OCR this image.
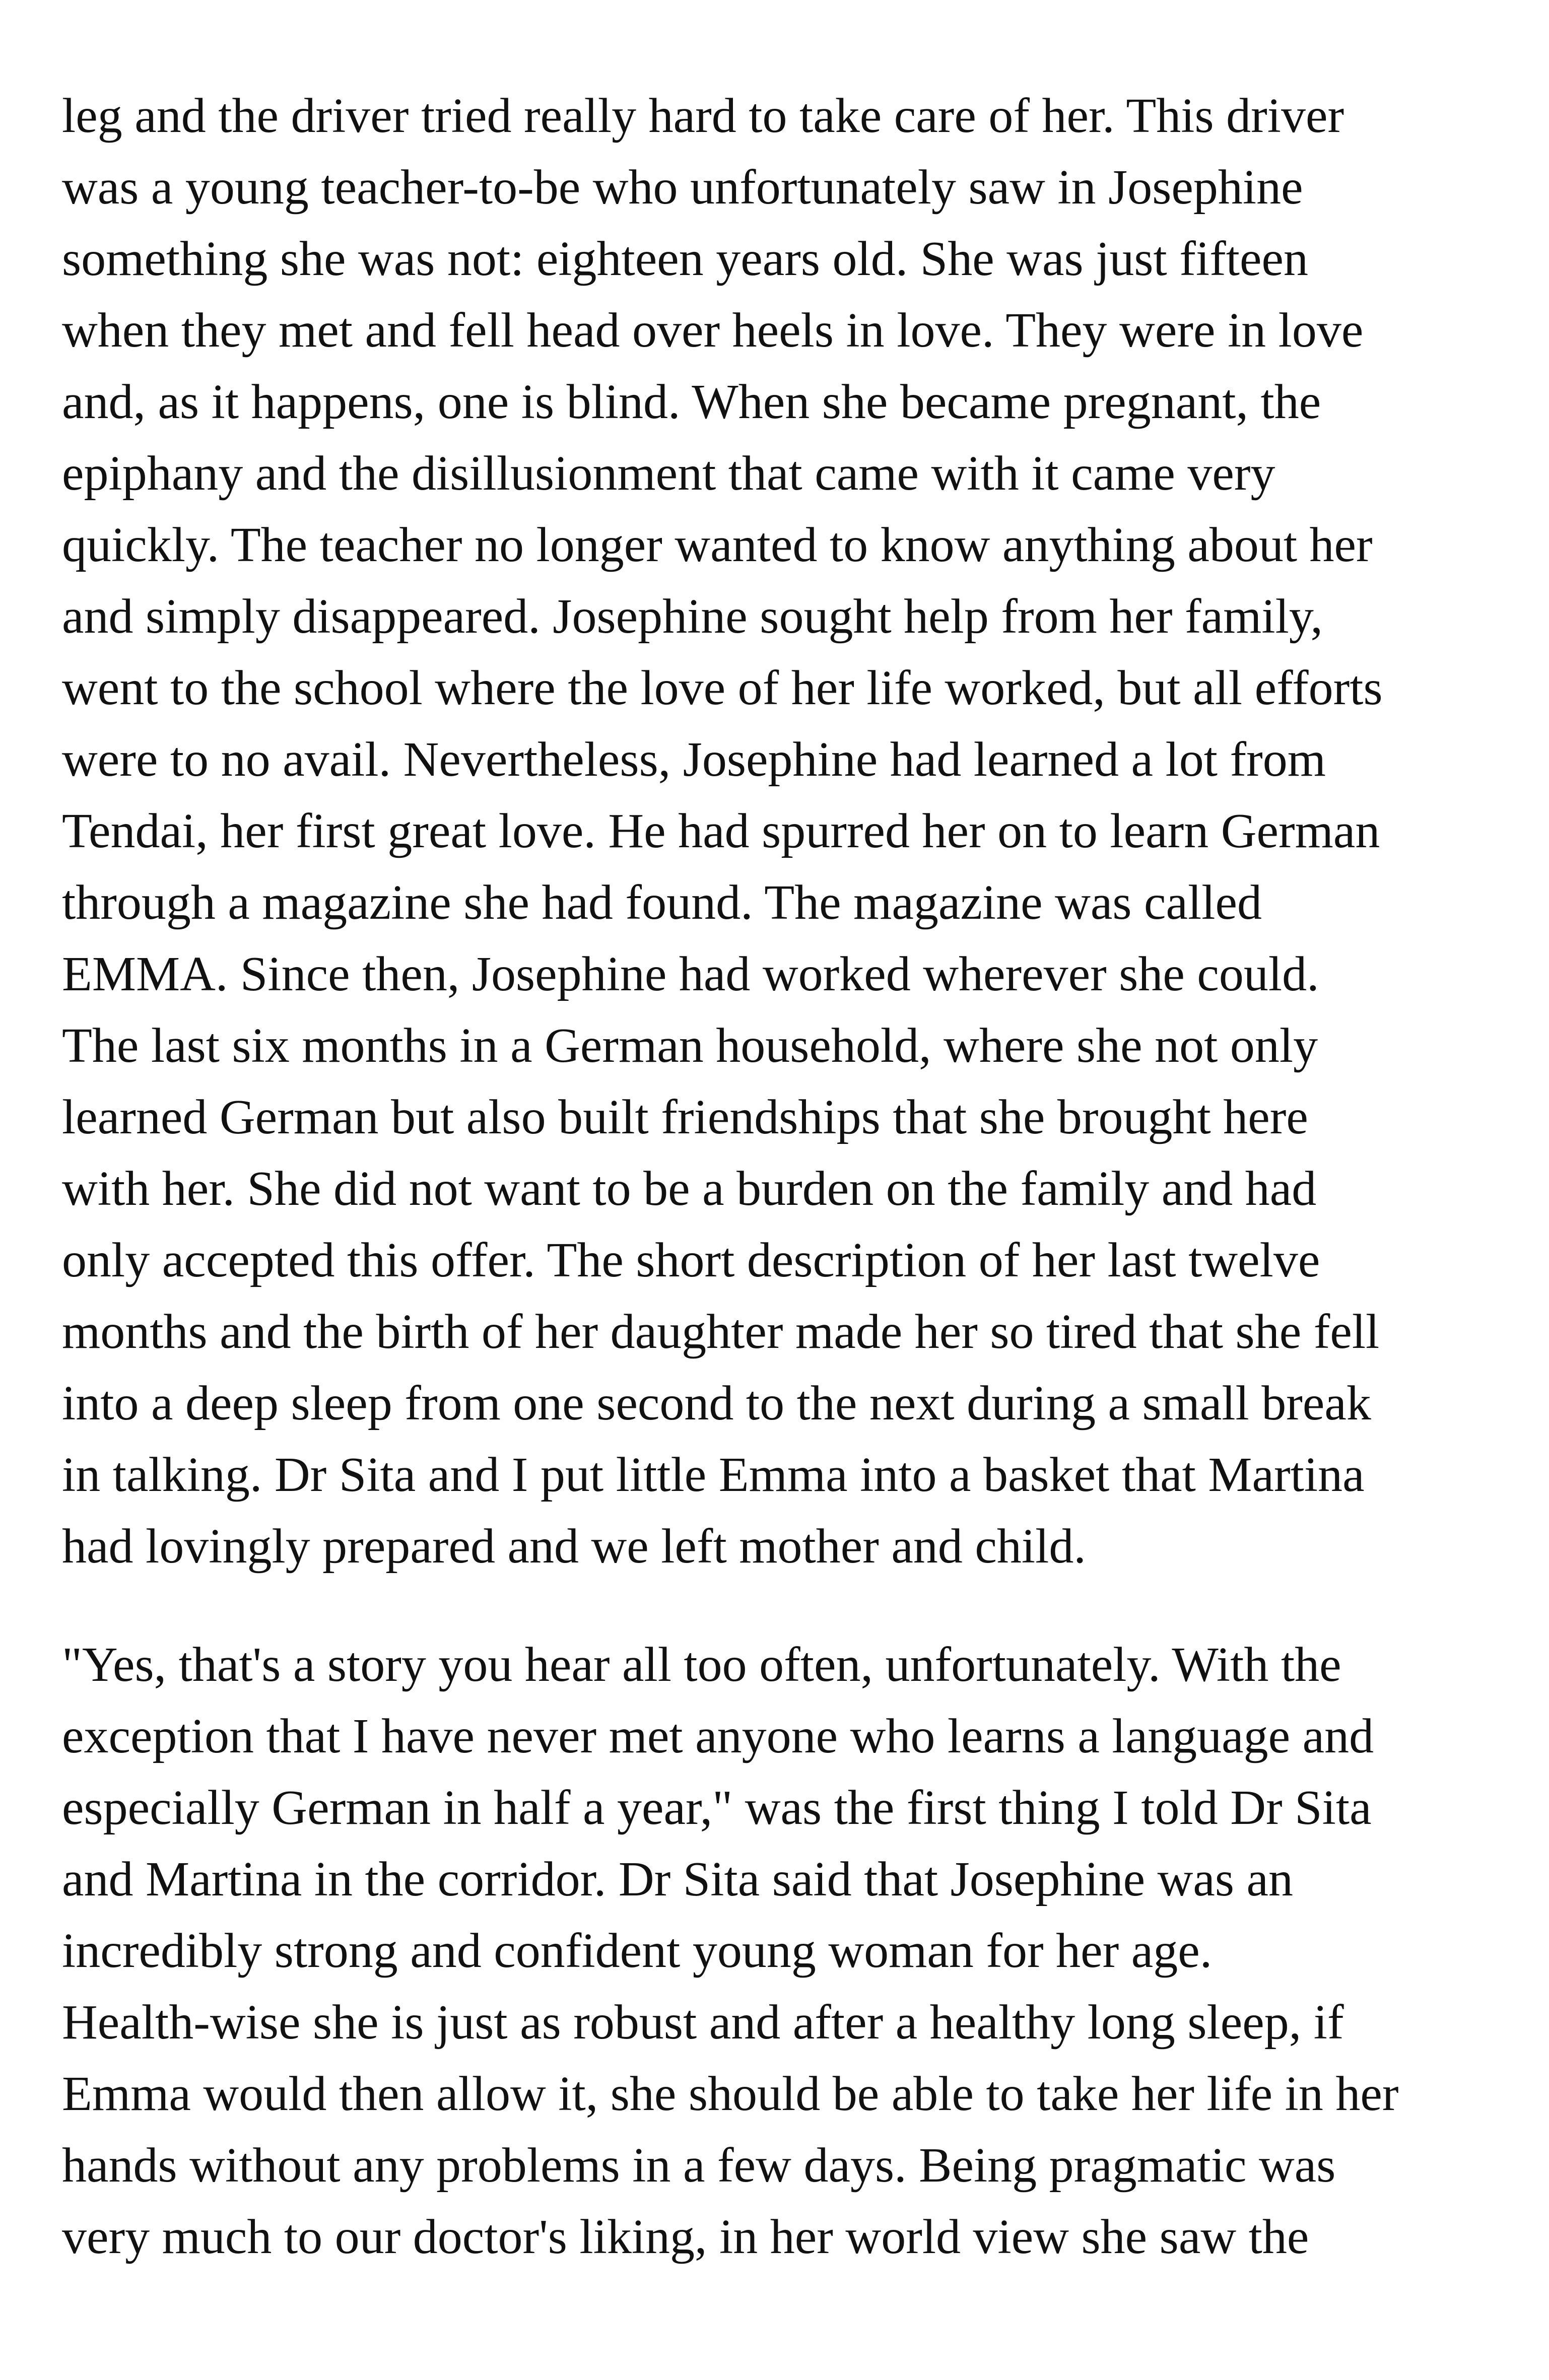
leg and the driver tried really hard to take care of her. This driver
was a young teacher-to-be who unfortunately saw in Josephine
something she was not: eighteen years old. She was just fifteen
when they met and fell head over heels in love. They were in love
and, as it happens, one is blind. When she became pregnant, the
epiphany and the disillusionment that came with it came very
quickly. The teacher no longer wanted to know anything about her
and simply disappeared. Josephine sought help from her family,
went to the school where the love of her life worked, but all efforts
were to no avail. Nevertheless, Josephine had learned a lot from
Tendai, her first great love. He had spurred her on to learn German
through a magazine she had found. The magazine was called
EMMA. Since then, Josephine had worked wherever she could.
The last six months in a German household, where she not only
learned German but also built friendships that she brought here
with her. She did not want to be a burden on the family and had
only accepted this offer. The short description of her last twelve
months and the birth of her daughter made her so tired that she fell
into a deep sleep from one second to the next during a small break
in talking. Dr Sita and I put little Emma into a basket that Martina
had lovingly prepared and we left mother and child.
"Yes, that's a story you hear all too often, unfortunately. With the
exception that I have never met anyone who learns a language and
especially German in half a year," was the first thing I told Dr Sita
and Martina in the corridor. Dr Sita said that Josephine was an
incredibly strong and confident young woman for her age.
Health-wise she is just as robust and after a healthy long sleep, if
Emma would then allow it, she should be able to take her life in her
hands without any problems in a few days. Being pragmatic was
very much to our doctor's liking, in her world view she saw the
